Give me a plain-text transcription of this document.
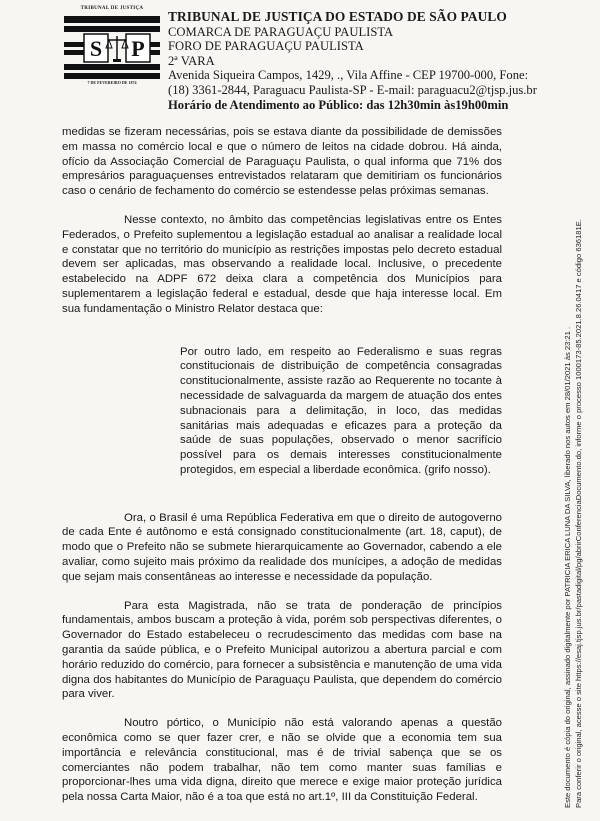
TRIBUNAL DE JUSTIÇA
S P
7 DE FEVEREIRO DE 1874
TRIBUNAL DE JUSTIÇA DO ESTADO DE SÃO PAULO
COMARCA DE PARAGUAÇU PAULISTA
FORO DE PARAGUAÇU PAULISTA
2ª VARA
Avenida Siqueira Campos, 1429, ., Vila Affine - CEP 19700-000, Fone:
(18) 3361-2844, Paraguacu Paulista-SP - E-mail: paraguacu2@tjsp.jus.br
Horário de Atendimento ao Público: das 12h30min às19h00min

medidas se fizeram necessárias, pois se estava diante da possibilidade de demissões em massa no comércio local e que o número de leitos na cidade dobrou. Há ainda, ofício da Associação Comercial de Paraguaçu Paulista, o qual informa que 71% dos empresários paraguaçuenses entrevistados relataram que demitiriam os funcionários caso o cenário de fechamento do comércio se estendesse pelas próximas semanas.

Nesse contexto, no âmbito das competências legislativas entre os Entes Federados, o Prefeito suplementou a legislação estadual ao analisar a realidade local e constatar que no território do município as restrições impostas pelo decreto estadual devem ser aplicadas, mas observando a realidade local. Inclusive, o precedente estabelecido na ADPF 672 deixa clara a competência dos Municípios para suplementarem a legislação federal e estadual, desde que haja interesse local. Em sua fundamentação o Ministro Relator destaca que:

Por outro lado, em respeito ao Federalismo e suas regras constitucionais de distribuição de competência consagradas constitucionalmente, assiste razão ao Requerente no tocante à necessidade de salvaguarda da margem de atuação dos entes subnacionais para a delimitação, in loco, das medidas sanitárias mais adequadas e eficazes para a proteção da saúde de suas populações, observado o menor sacrifício possível para os demais interesses constitucionalmente protegidos, em especial a liberdade econômica. (grifo nosso).

Ora, o Brasil é uma República Federativa em que o direito de autogoverno de cada Ente é autônomo e está consignado constitucionalmente (art. 18, caput), de modo que o Prefeito não se submete hierarquicamente ao Governador, cabendo a ele avaliar, como sujeito mais próximo da realidade dos munícipes, a adoção de medidas que sejam mais consentâneas ao interesse e necessidade da população.

Para esta Magistrada, não se trata de ponderação de princípios fundamentais, ambos buscam a proteção à vida, porém sob perspectivas diferentes, o Governador do Estado estabeleceu o recrudescimento das medidas com base na garantia da saúde pública, e o Prefeito Municipal autorizou a abertura parcial e com horário reduzido do comércio, para fornecer a subsistência e manutenção de uma vida digna dos habitantes do Município de Paraguaçu Paulista, que dependem do comércio para viver.

Noutro pórtico, o Município não está valorando apenas a questão econômica como se quer fazer crer, e não se olvide que a economia tem sua importância e relevância constitucional, mas é de trivial sabença que se os comerciantes não podem trabalhar, não tem como manter suas famílias e proporcionar-lhes uma vida digna, direito que merece e exige maior proteção jurídica pela nossa Carta Maior, não é a toa que está no art.1º, III da Constituição Federal.	Este documento é cópia do original, assinado digitalmente por PATRICIA ERICA LUNA DA SILVA, liberado nos autos em 28/01/2021 às 23:21 . Para conferir o original, acesse o site https://esaj.tjsp.jus.br/pastadigital/pg/abrirConferenciaDocumento.do, informe o processo 1000173-85.2021.8.26.0417 e código 636181E.
